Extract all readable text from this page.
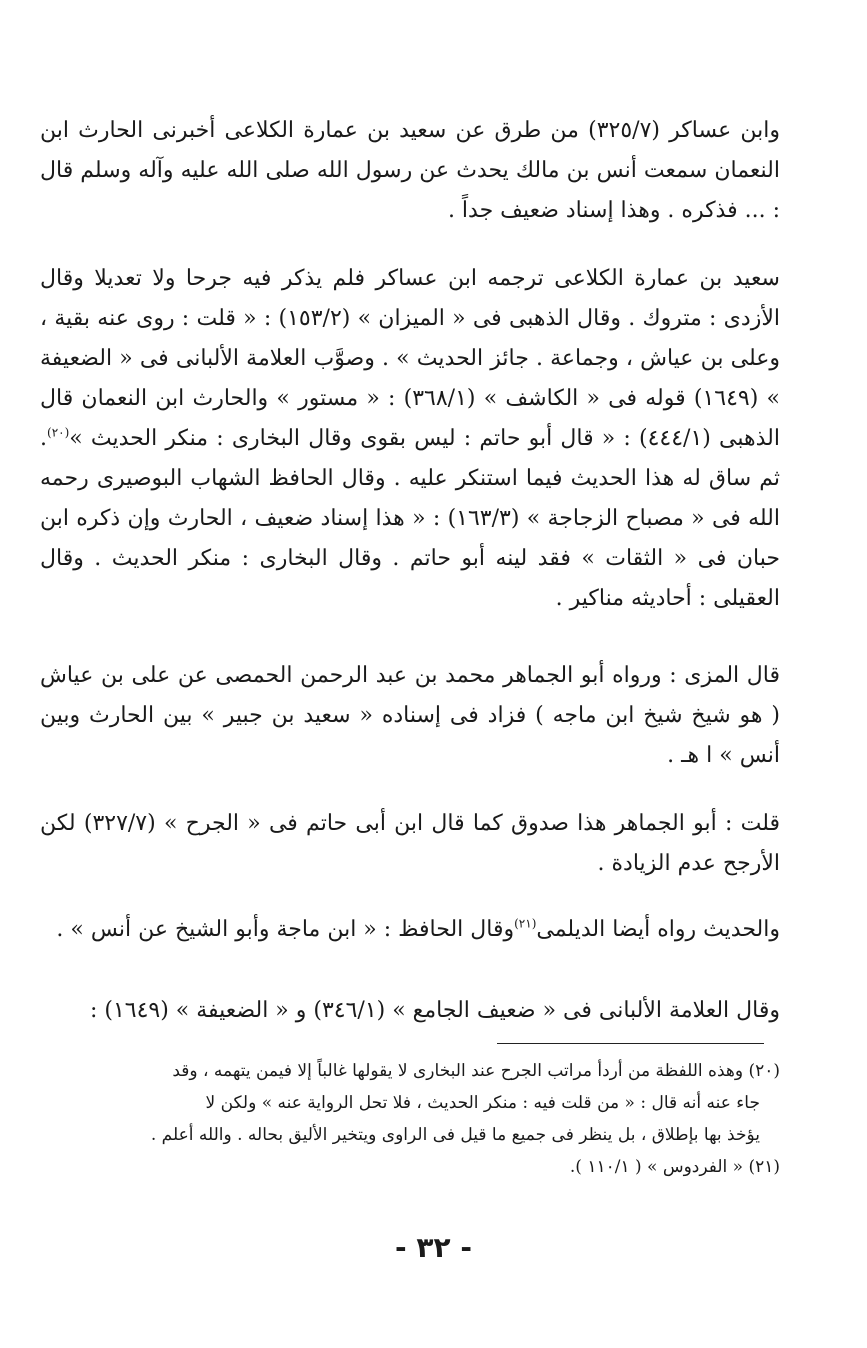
وابن عساكر (٣٢٥/٧) من طرق عن سعيد بن عمارة الكلاعى أخبرنى الحارث ابن النعمان سمعت أنس بن مالك يحدث عن رسول الله صلى الله عليه وآله وسلم قال : ... فذكره . وهذا إسناد ضعيف جداً .

سعيد بن عمارة الكلاعى ترجمه ابن عساكر فلم يذكر فيه جرحا ولا تعديلا وقال الأزدى : متروك . وقال الذهبى فى « الميزان » (١٥٣/٢) : « قلت : روى عنه بقية ، وعلى بن عياش ، وجماعة . جائز الحديث » . وصوَّب العلامة الألبانى فى « الضعيفة » (١٦٤٩) قوله فى « الكاشف » (٣٦٨/١) : « مستور » والحارث ابن النعمان قال الذهبى (٤٤٤/١) : « قال أبو حاتم : ليس بقوى وقال البخارى : منكر الحديث »$^{(٢٠)}$. ثم ساق له هذا الحديث فيما استنكر عليه . وقال الحافظ الشهاب البوصيرى رحمه الله فى « مصباح الزجاجة » (١٦٣/٣) : « هذا إسناد ضعيف ، الحارث وإن ذكره ابن حبان فى « الثقات » فقد لينه أبو حاتم . وقال البخارى : منكر الحديث . وقال العقيلى : أحاديثه مناكير .

قال المزى : ورواه أبو الجماهر محمد بن عبد الرحمن الحمصى عن على بن عياش ( هو شيخ شيخ ابن ماجه ) فزاد فى إسناده « سعيد بن جبير » بين الحارث وبين أنس » ا هـ .

قلت : أبو الجماهر هذا صدوق كما قال ابن أبى حاتم فى « الجرح » (٣٢٧/٧) لكن الأرجح عدم الزيادة .

والحديث رواه أيضا الديلمى$^{(٢١)}$وقال الحافظ : « ابن ماجة وأبو الشيخ عن أنس » .

وقال العلامة الألبانى فى « ضعيف الجامع » (٣٤٦/١) و « الضعيفة » (١٦٤٩) :

(٢٠) وهذه اللفظة من أردأ مراتب الجرح عند البخارى لا يقولها غالباً إلا فيمن يتهمه ، وقد

جاء عنه أنه قال : « من قلت فيه : منكر الحديث ، فلا تحل الرواية عنه » ولكن لا

يؤخذ بها بإطلاق ، بل ينظر فى جميع ما قيل فى الراوى ويتخير الأليق بحاله . والله أعلم .

(٢١) « الفردوس » ( ١١٠/١ ).

- ٣٢ -
